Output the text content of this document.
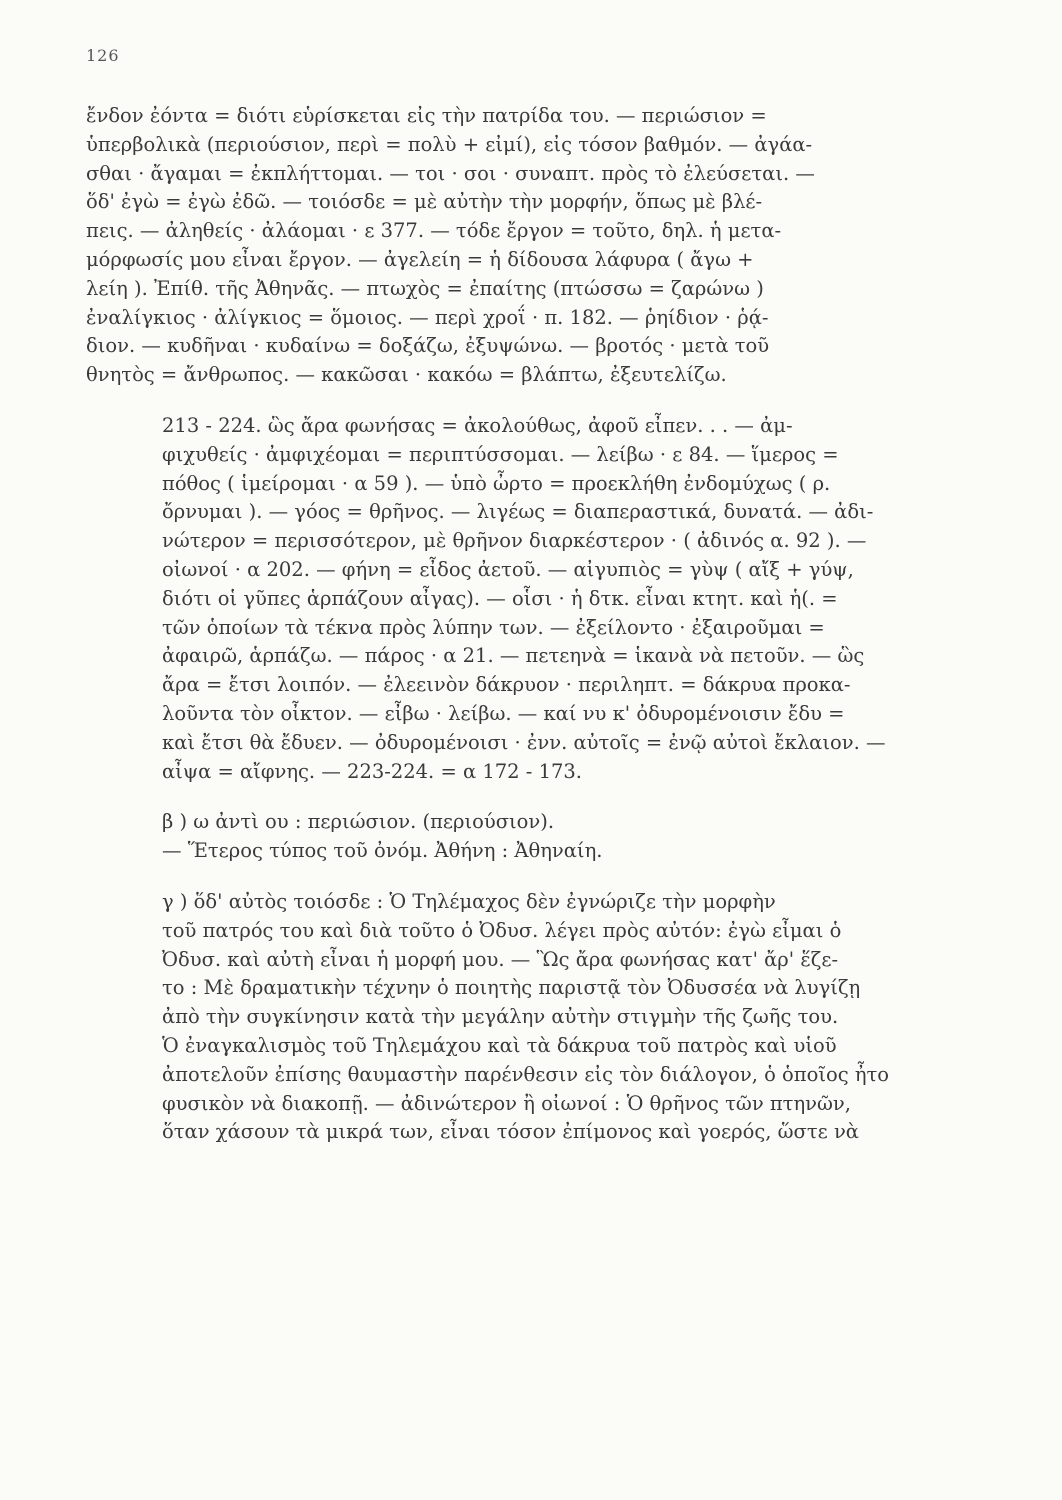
126
ἔνδον ἐόντα = διότι εὑρίσκεται εἰς τὴν πατρίδα του. — περιώσιον =
ὑπερβολικὰ (περιούσιον, περὶ = πολὺ + εἰμί), εἰς τόσον βαθμόν. — ἀγάα-
σθαι · ἄγαμαι = ἐκπλήττομαι. — τοι · σοι · συναπτ. πρὸς τὸ ἐλεύσεται. —
ὅδ' ἐγὼ = ἐγὼ ἐδῶ. — τοιόσδε = μὲ αὐτὴν τὴν μορφήν, ὅπως μὲ βλέ-
πεις. — ἀληθείς · ἀλάομαι · ε 377. — τόδε ἔργον = τοῦτο, δηλ. ἡ μετα-
μόρφωσίς μου εἶναι ἔργον. — ἀγελείη = ἡ δίδουσα λάφυρα ( ἄγω +
λείη ). Ἐπίθ. τῆς Ἀθηνᾶς. — πτωχὸς = ἐπαίτης (πτώσσω = ζαρώνω )
ἐναλίγκιος · ἀλίγκιος = ὅμοιος. — περὶ χροΐ · π. 182. — ῥηίδιον · ῥᾴ-
διον. — κυδῆναι · κυδαίνω = δοξάζω, ἐξυψώνω. — βροτός · μετὰ τοῦ
θνητὸς = ἄνθρωπος. — κακῶσαι · κακόω = βλάπτω, ἐξευτελίζω.
213 - 224. ὣς ἄρα φωνήσας = ἀκολούθως, ἀφοῦ εἶπεν. . . — ἀμ-
φιχυθείς · ἀμφιχέομαι = περιπτύσσομαι. — λείβω · ε 84. — ἵμερος =
πόθος ( ἱμείρομαι · α 59 ). — ὑπὸ ὦρτο = προεκλήθη ἐνδομύχως ( ρ.
ὄρνυμαι ). — γόος = θρῆνος. — λιγέως = διαπεραστικά, δυνατά. — ἀδι-
νώτερον = περισσότερον, μὲ θρῆνον διαρκέστερον · ( ἀδινός α. 92 ). —
οἰωνοί · α 202. — φήνη = εἶδος ἀετοῦ. — αἰγυπιὸς = γὺψ ( αἴξ + γύψ,
διότι οἱ γῦπες ἁρπάζουν αἶγας). — οἷσι · ἡ δτκ. εἶναι κτητ. καὶ ἡ(. =
τῶν ὁποίων τὰ τέκνα πρὸς λύπην των. — ἐξείλοντο · ἐξαιροῦμαι =
ἀφαιρῶ, ἁρπάζω. — πάρος · α 21. — πετεηνὰ = ἱκανὰ νὰ πετοῦν. — ὣς
ἄρα = ἔτσι λοιπόν. — ἐλεεινὸν δάκρυον · περιληπτ. = δάκρυα προκα-
λοῦντα τὸν οἶκτον. — εἶβω · λείβω. — καί νυ κ' ὀδυρομένοισιν ἔδυ =
καὶ ἔτσι θὰ ἔδυεν. — ὀδυρομένοισι · ἐνν. αὐτοῖς = ἐνῷ αὐτοὶ ἔκλαιον. —
αἶψα = αἴφνης. — 223-224. = α 172 - 173.
β ) ω ἀντὶ ου : περιώσιον. (περιούσιον).
— Ἕτερος τύπος τοῦ ὀνόμ. Ἀθήνη : Ἀθηναίη.
γ ) ὅδ' αὐτὸς τοιόσδε : Ὁ Τηλέμαχος δὲν ἐγνώριζε τὴν μορφὴν
τοῦ πατρός του καὶ διὰ τοῦτο ὁ Ὀδυσ. λέγει πρὸς αὐτόν: ἐγὼ εἶμαι ὁ
Ὀδυσ. καὶ αὐτὴ εἶναι ἡ μορφή μου. — Ὣς ἄρα φωνήσας κατ' ἄρ' ἕζε-
το : Μὲ δραματικὴν τέχνην ὁ ποιητὴς παριστᾷ τὸν Ὀδυσσέα νὰ λυγίζῃ
ἀπὸ τὴν συγκίνησιν κατὰ τὴν μεγάλην αὐτὴν στιγμὴν τῆς ζωῆς του.
Ὁ ἐναγκαλισμὸς τοῦ Τηλεμάχου καὶ τὰ δάκρυα τοῦ πατρὸς καὶ υἱοῦ
ἀποτελοῦν ἐπίσης θαυμαστὴν παρένθεσιν εἰς τὸν διάλογον, ὁ ὁποῖος ἦτο
φυσικὸν νὰ διακοπῇ. — ἀδινώτερον ἢ οἰωνοί : Ὁ θρῆνος τῶν πτηνῶν,
ὅταν χάσουν τὰ μικρά των, εἶναι τόσον ἐπίμονος καὶ γοερός, ὥστε νὰ
